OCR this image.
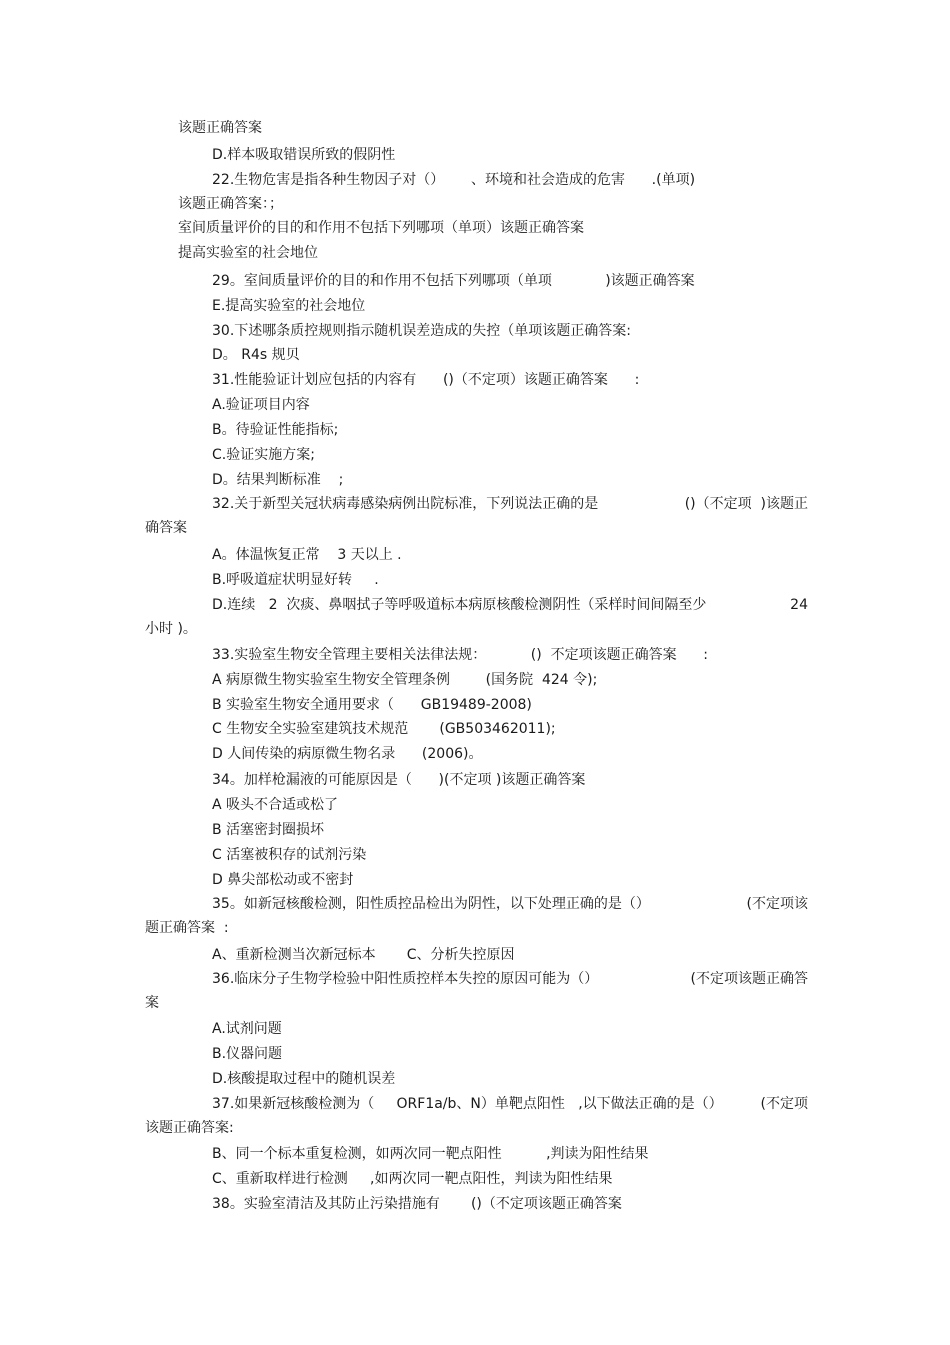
该题正确答案

D.样本吸取错误所致的假阴性

22.生物危害是指各种生物因子对（）      、环境和社会造成的危害      .(单项)

该题正确答案：；

室间质量评价的目的和作用不包括下列哪项（单项）该题正确答案

提高实验室的社会地位

29。室间质量评价的目的和作用不包括下列哪项（单项            )该题正确答案

E.提高实验室的社会地位

30.下述哪条质控规则指示随机误差造成的失控（单项该题正确答案:

D。 R4s 规贝

31.性能验证计划应包括的内容有      ()（不定项）该题正确答案      :

A.验证项目内容

B。待验证性能指标;

C.验证实施方案;

D。结果判断标准    ;

32.关于新型关冠状病毒感染病例出院标准，下列说法正确的是	()（不定项  )该题正

确答案

A。体温恢复正常    3 天以上 .

B.呼吸道症状明显好转     .

D.连续   2  次痰、鼻咽拭子等呼吸道标本病原核酸检测阴性（采样时间间隔至少	24

小时 )。

33.实验室生物安全管理主要相关法律法规：          ()  不定项该题正确答案      :

A 病原微生物实验室生物安全管理条例        (国务院  424 令);

B 实验室生物安全通用要求（      GB19489-2008)

C 生物安全实验室建筑技术规范       (GB503462011);

D 人间传染的病原微生物名录      (2006)。

34。加样枪漏液的可能原因是（      )(不定项 )该题正确答案

A 吸头不合适或松了

B 活塞密封圈损坏

C 活塞被积存的试剂污染

D 鼻尖部松动或不密封

35。如新冠核酸检测，阳性质控品检出为阴性，以下处理正确的是（）	(不定项该

题正确答案  :

A、重新检测当次新冠标本       C、分析失控原因

36.临床分子生物学检验中阳性质控样本失控的原因可能为（）	(不定项该题正确答

案

A.试剂问题

B.仪器问题

D.核酸提取过程中的随机误差

37.如果新冠核酸检测为（     ORF1a/b、N）单靶点阳性   ,以下做法正确的是（）	(不定项

该题正确答案:

B、同一个标本重复检测，如两次同一靶点阳性          ,判读为阳性结果

C、重新取样进行检测     ,如两次同一靶点阳性，判读为阳性结果

38。实验室清洁及其防止污染措施有       ()（不定项该题正确答案
